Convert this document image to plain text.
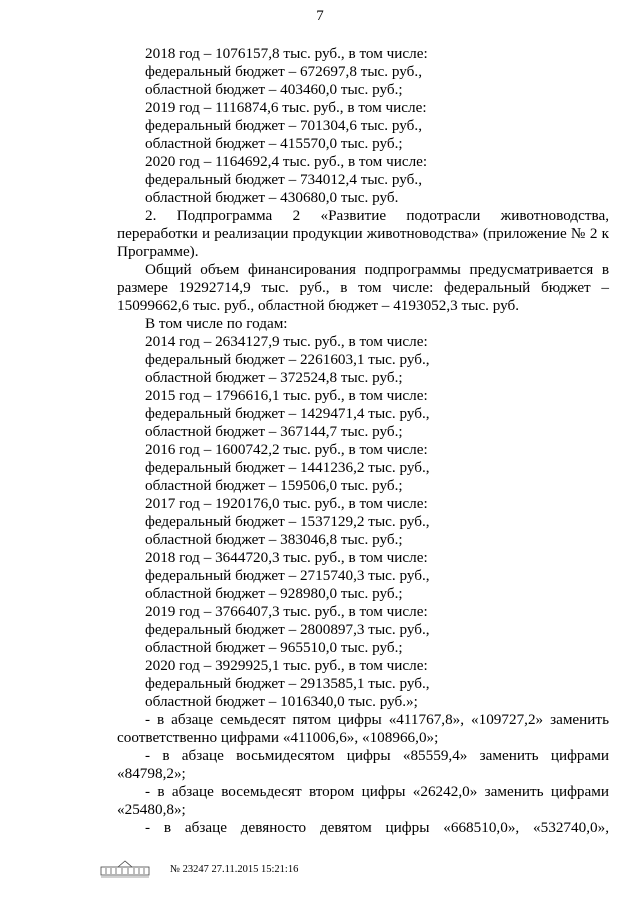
7
2018 год – 1076157,8 тыс. руб., в том числе:
федеральный бюджет – 672697,8 тыс. руб.,
областной бюджет – 403460,0 тыс. руб.;
2019 год – 1116874,6 тыс. руб., в том числе:
федеральный бюджет – 701304,6 тыс. руб.,
областной бюджет – 415570,0 тыс. руб.;
2020 год – 1164692,4 тыс. руб., в том числе:
федеральный бюджет – 734012,4 тыс. руб.,
областной бюджет – 430680,0 тыс. руб.
2. Подпрограмма 2 «Развитие подотрасли животноводства,
переработки и реализации продукции животноводства» (приложение № 2 к
Программе).
Общий объем финансирования подпрограммы предусматривается в
размере 19292714,9 тыс. руб., в том числе: федеральный бюджет –
15099662,6 тыс. руб., областной бюджет – 4193052,3 тыс. руб.
В том числе по годам:
2014 год – 2634127,9 тыс. руб., в том числе:
федеральный бюджет – 2261603,1 тыс. руб.,
областной бюджет – 372524,8 тыс. руб.;
2015 год – 1796616,1 тыс. руб., в том числе:
федеральный бюджет – 1429471,4 тыс. руб.,
областной бюджет – 367144,7 тыс. руб.;
2016 год – 1600742,2 тыс. руб., в том числе:
федеральный бюджет – 1441236,2 тыс. руб.,
областной бюджет – 159506,0 тыс. руб.;
2017 год – 1920176,0 тыс. руб., в том числе:
федеральный бюджет – 1537129,2 тыс. руб.,
областной бюджет – 383046,8 тыс. руб.;
2018 год – 3644720,3 тыс. руб., в том числе:
федеральный бюджет – 2715740,3 тыс. руб.,
областной бюджет – 928980,0 тыс. руб.;
2019 год – 3766407,3 тыс. руб., в том числе:
федеральный бюджет – 2800897,3 тыс. руб.,
областной бюджет – 965510,0 тыс. руб.;
2020 год – 3929925,1 тыс. руб., в том числе:
федеральный бюджет – 2913585,1 тыс. руб.,
областной бюджет – 1016340,0 тыс. руб.»;
- в абзаце семьдесят пятом цифры «411767,8», «109727,2» заменить
соответственно цифрами «411006,6», «108966,0»;
- в абзаце восьмидесятом цифры «85559,4» заменить цифрами
«84798,2»;
- в абзаце восемьдесят втором цифры «26242,0» заменить цифрами
«25480,8»;
- в абзаце девяносто девятом цифры «668510,0», «532740,0»,
№ 23247 27.11.2015 15:21:16
